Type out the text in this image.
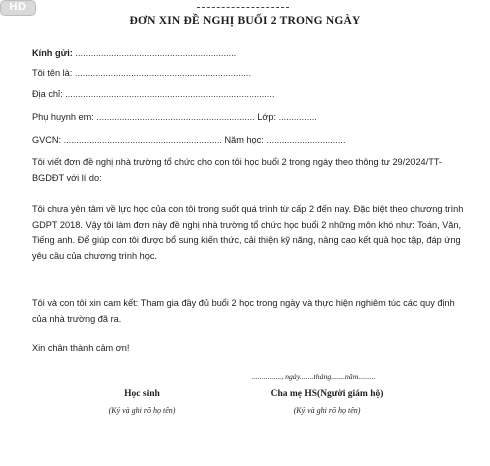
HD
ĐƠN XIN ĐỀ NGHỊ BUỔI 2 TRONG NGÀY
Kính gửi: ...............................................................
Tôi tên là: .....................................................................
Địa chỉ: ..................................................................................
Phụ huynh em: .............................................................. Lớp: ...............
GVCN: .............................................................. Năm học: ...............................
Tôi viết đơn đề nghị nhà trường tổ chức cho con tôi học buổi 2 trong ngày theo thông tư 29/2024/TT-BGDĐT với lí do:
Tôi chưa yên tâm về lực học của con tôi trong suốt quá trình từ cấp 2 đến nay. Đặc biệt theo chương trình GDPT 2018. Vậy tôi làm đơn này đề nghị nhà trường tổ chức học buổi 2 những môn khó như: Toán, Văn, Tiếng anh. Để giúp con tôi được bổ sung kiến thức, cải thiện kỹ năng, nâng cao kết quả học tập, đáp ứng yêu cầu của chương trình học.
Tôi và con tôi xin cam kết: Tham gia đầy đủ buổi 2 học trong ngày và thực hiện nghiêm túc các quy định của nhà trường đã ra.
Xin chân thành cảm ơn!
..............., ngày.......tháng.......năm.........
Học sinh
(Ký và ghi rõ họ tên)
Cha mẹ HS(Người giám hộ)
(Ký và ghi rõ họ tên)
